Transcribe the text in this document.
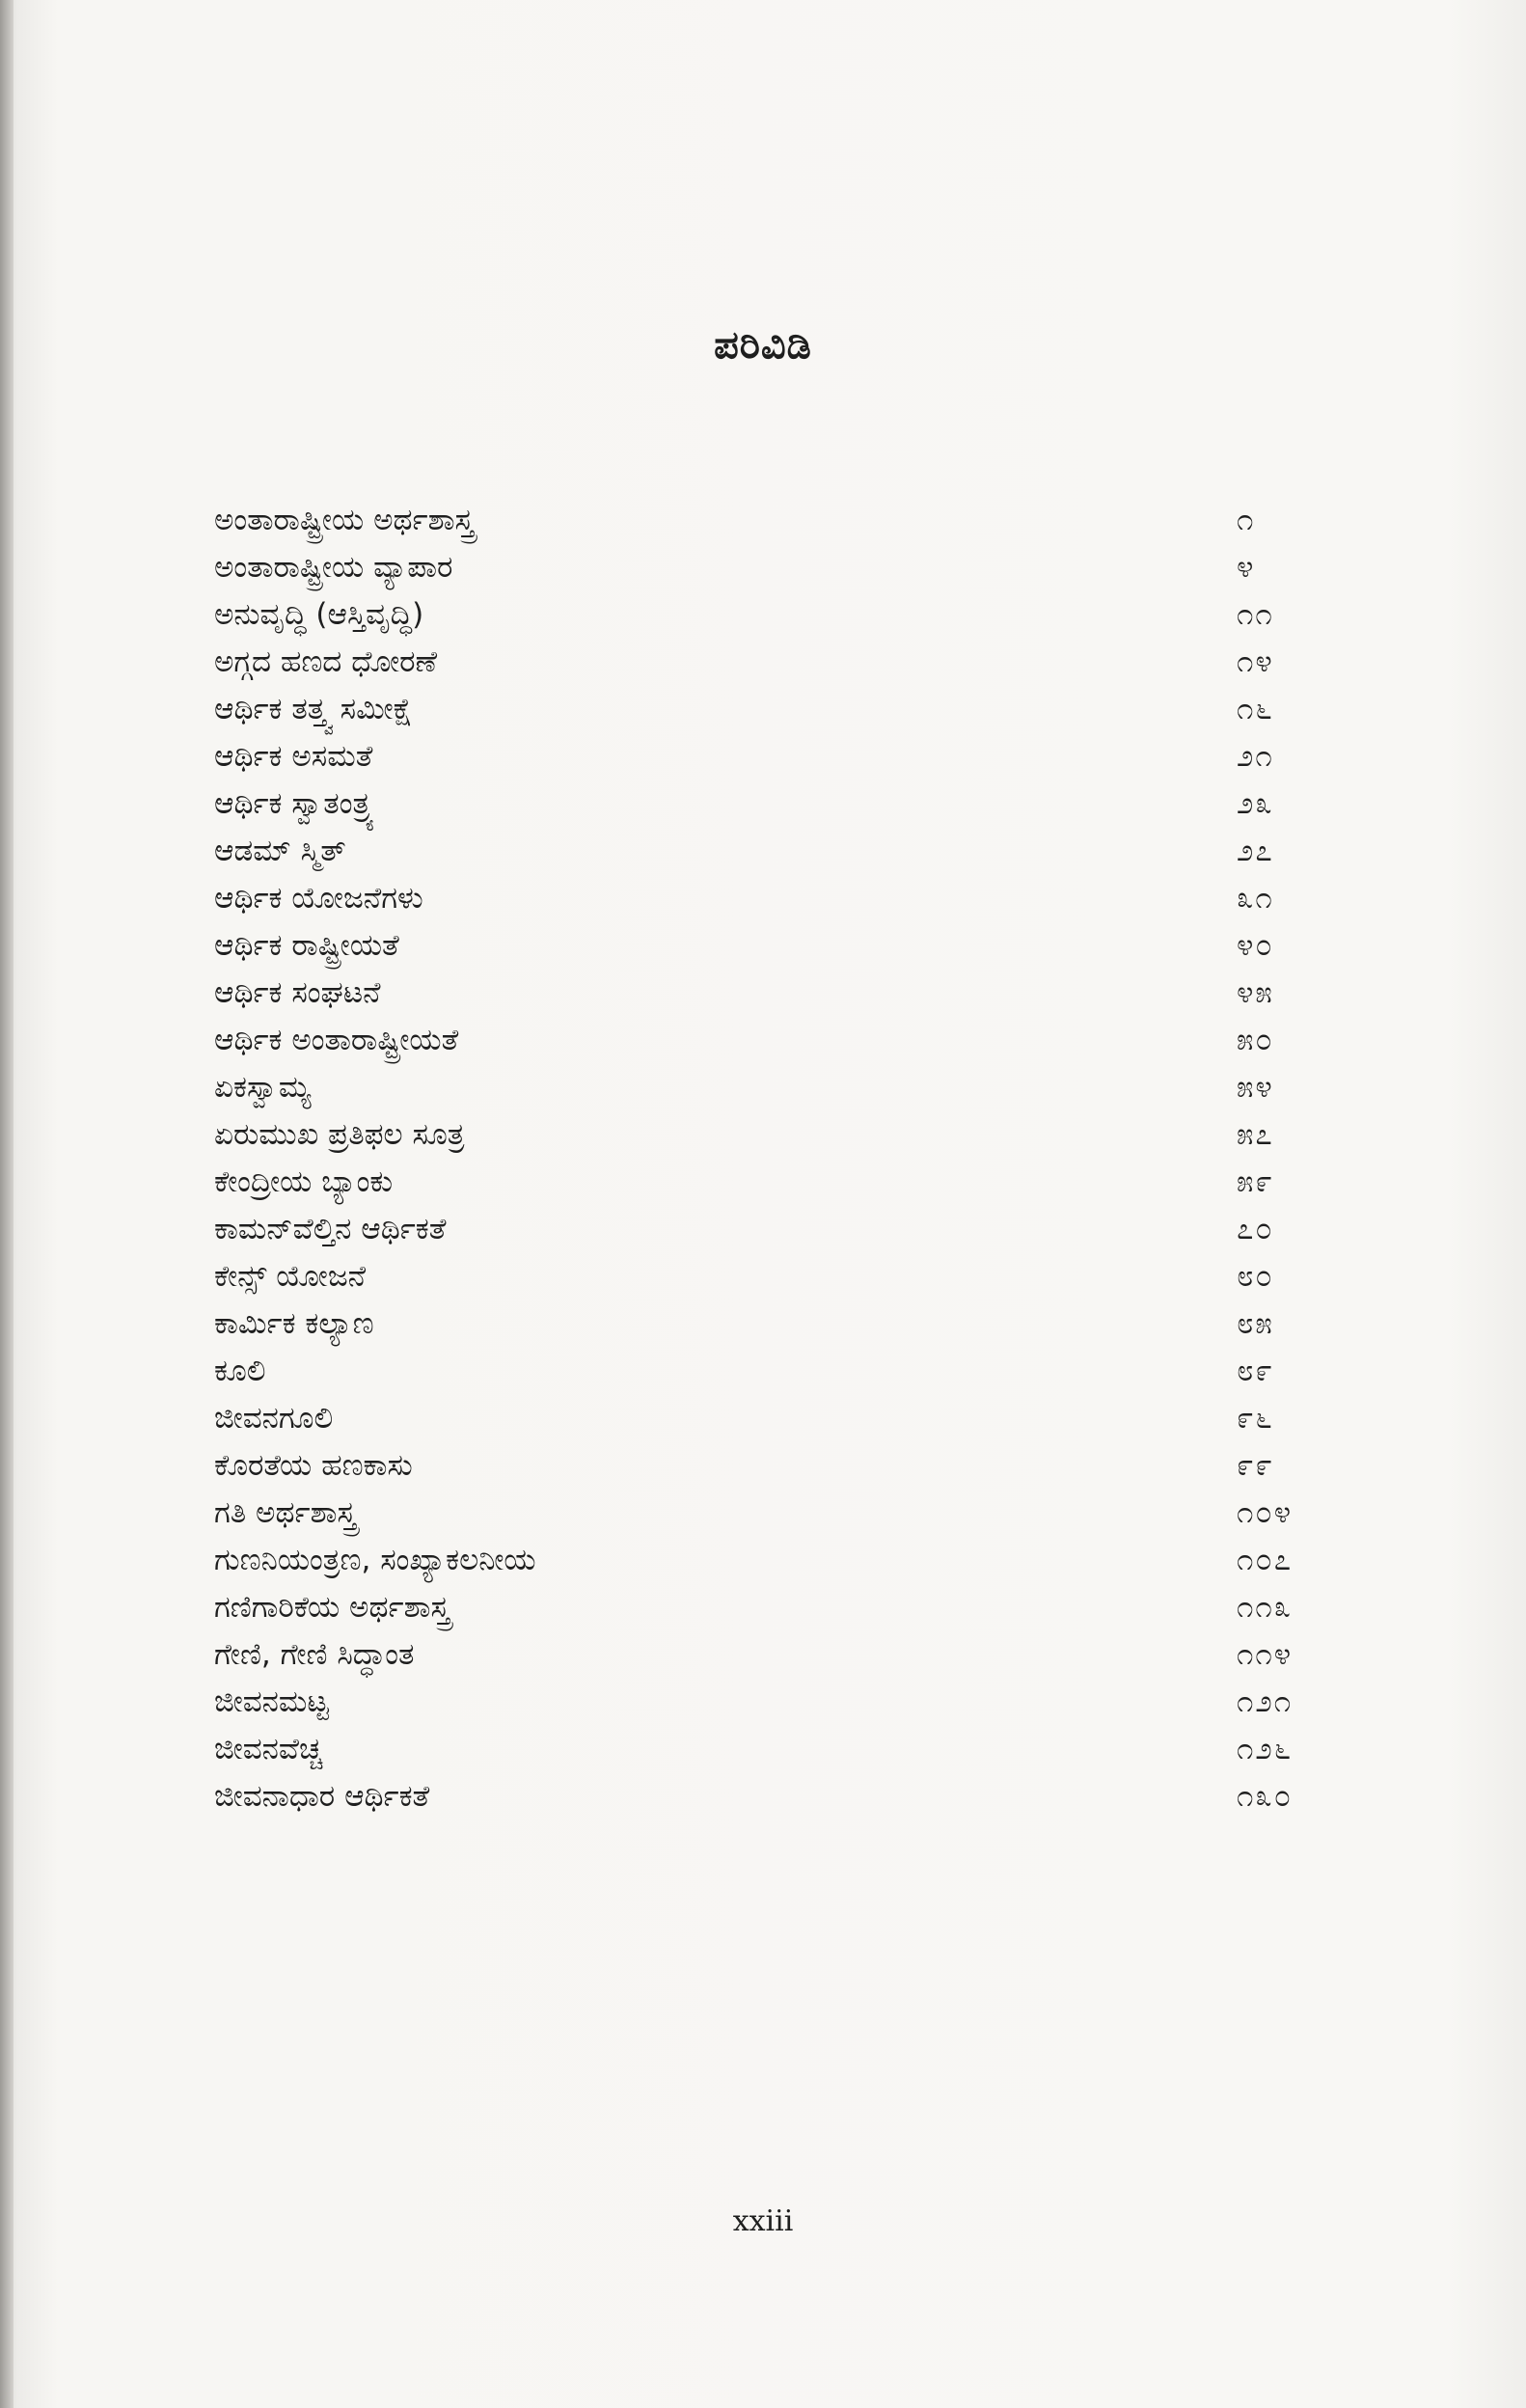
ಪರಿವಿಡಿ
ಅಂತಾರಾಷ್ಟ್ರೀಯ ಅರ್ಥಶಾಸ್ತ್ರ	೧
ಅಂತಾರಾಷ್ಟ್ರೀಯ ವ್ಯಾಪಾರ	೪
ಅನುವೃದ್ಧಿ (ಆಸ್ತಿವೃದ್ಧಿ)	೧೧
ಅಗ್ಗದ ಹಣದ ಧೋರಣೆ	೧೪
ಆರ್ಥಿಕ ತತ್ತ್ವ ಸಮೀಕ್ಷೆ	೧೬
ಆರ್ಥಿಕ ಅಸಮತೆ	೨೧
ಆರ್ಥಿಕ ಸ್ವಾತಂತ್ರ್ಯ	೨೩
ಆಡಮ್ ಸ್ಮಿತ್	೨೭
ಆರ್ಥಿಕ ಯೋಜನೆಗಳು	೩೧
ಆರ್ಥಿಕ ರಾಷ್ಟ್ರೀಯತೆ	೪೦
ಆರ್ಥಿಕ ಸಂಘಟನೆ	೪೫
ಆರ್ಥಿಕ ಅಂತಾರಾಷ್ಟ್ರೀಯತೆ	೫೦
ಏಕಸ್ವಾಮ್ಯ	೫೪
ಏರುಮುಖ ಪ್ರತಿಫಲ ಸೂತ್ರ	೫೭
ಕೇಂದ್ರೀಯ ಬ್ಯಾಂಕು	೫೯
ಕಾಮನ್‌ವೆಲ್ತಿನ ಆರ್ಥಿಕತೆ	೭೦
ಕೇನ್ಸ್ ಯೋಜನೆ	೮೦
ಕಾರ್ಮಿಕ ಕಲ್ಯಾಣ	೮೫
ಕೂಲಿ	೮೯
ಜೀವನಗೂಲಿ	೯೬
ಕೊರತೆಯ ಹಣಕಾಸು	೯೯
ಗತಿ ಅರ್ಥಶಾಸ್ತ್ರ	೧೦೪
ಗುಣನಿಯಂತ್ರಣ, ಸಂಖ್ಯಾಕಲನೀಯ	೧೦೭
ಗಣಿಗಾರಿಕೆಯ ಅರ್ಥಶಾಸ್ತ್ರ	೧೧೩
ಗೇಣಿ, ಗೇಣಿ ಸಿದ್ಧಾಂತ	೧೧೪
ಜೀವನಮಟ್ಟ	೧೨೧
ಜೀವನವೆಚ್ಚ	೧೨೬
ಜೀವನಾಧಾರ ಆರ್ಥಿಕತೆ	೧೩೦
xxiii
